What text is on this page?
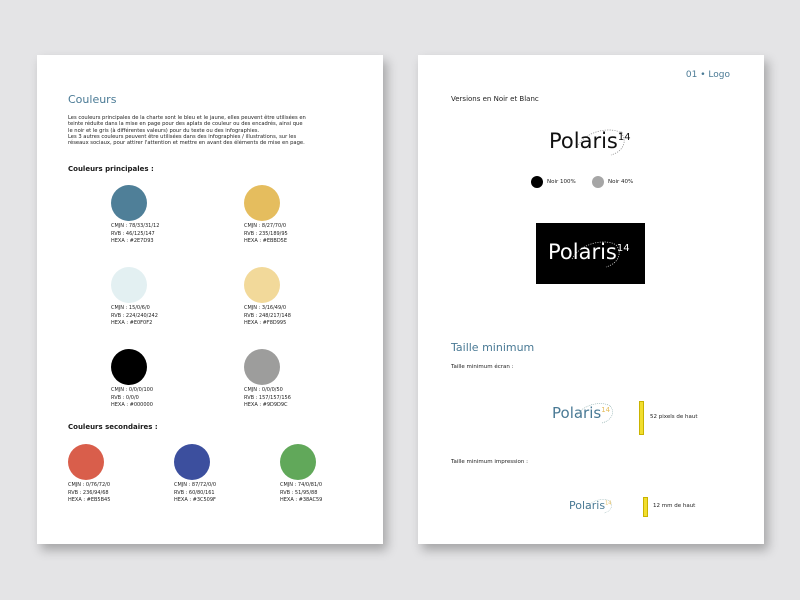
Couleurs
Les couleurs principales de la charte sont le bleu et le jaune, elles peuvent être utilisées en
teinte réduite dans la mise en page pour des aplats de couleur ou des encadrés, ainsi que
le noir et le gris (à différentes valeurs) pour du texte ou des infographies.
Les 3 autres couleurs peuvent être utilisées dans des infographies / illustrations, sur les
réseaux sociaux, pour attirer l'attention et mettre en avant des éléments de mise en page.
Couleurs principales :
CMJN : 78/33/31/12
RVB : 46/125/147
HEXA : #2E7D93
CMJN : 8/27/70/0
RVB : 235/189/95
HEXA : #EBBD5E
CMJN : 15/0/6/0
RVB : 224/240/242
HEXA : #E0F0F2
CMJN : 3/16/49/0
RVB : 248/217/148
HEXA : #F8D995
CMJN : 0/0/0/100
RVB : 0/0/0
HEXA : #000000
CMJN : 0/0/0/50
RVB : 157/157/156
HEXA : #9D9D9C
Couleurs secondaires :
CMJN : 0/76/72/0
RVB : 236/94/68
HEXA : #EB5B45
CMJN : 87/72/0/0
RVB : 60/80/161
HEXA : #3C509F
CMJN : 74/0/81/0
RVB : 51/95/88
HEXA : #38AC59
01 • Logo
Versions en Noir et Blanc
Polaris$^{14}$
Noir 100%	Noir 40%
Polaris$^{14}$
Taille minimum
Taille minimum écran :
Polaris$^{14}$
52 pixels de haut
Taille minimum impression :
Polaris$^{14}$	12 mm de haut
